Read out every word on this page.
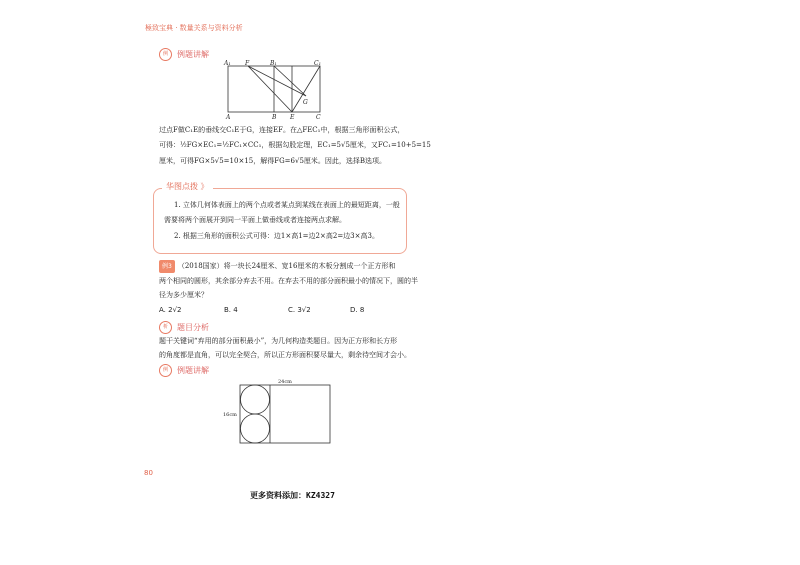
極致宝典 · 数量关系与资料分析
例	例题讲解
A₁ F	B₁	C₁
G
A	B E	C
过点F做C₁E的垂线交C₁E于G，连接EF。在△FEC₁中，根据三角形面积公式，
可得：½FG×EC₁=½FC₁×CC₁，根据勾股定理，EC₁=5√5厘米，又FC₁=10+5=15
厘米，可得FG×5√5=10×15，解得FG=6√5厘米。因此，选择B选项。
华图点拨 》
1. 立体几何体表面上的两个点或者某点到某线在表面上的最短距离，一般
需要将两个面展开到同一平面上做垂线或者连接两点求解。
2. 根据三角形的面积公式可得：边1×高1=边2×高2=边3×高3。
例3 （2018国家）将一块长24厘米、宽16厘米的木板分割成一个正方形和
两个相同的圆形，其余部分弃去不用。在弃去不用的部分面积最小的情况下，圆的半
径为多少厘米？
A. 2√2	B. 4	C. 3√2	D. 8
析	题目分析
题干关键词“弃用的部分面积最小”，为几何构造类题目。因为正方形和长方形
的角度都是直角，可以完全契合，所以正方形面积要尽量大，剩余待空间才会小。
例	例题讲解
24cm
16cm
80
更多资料添加：KZ4327
